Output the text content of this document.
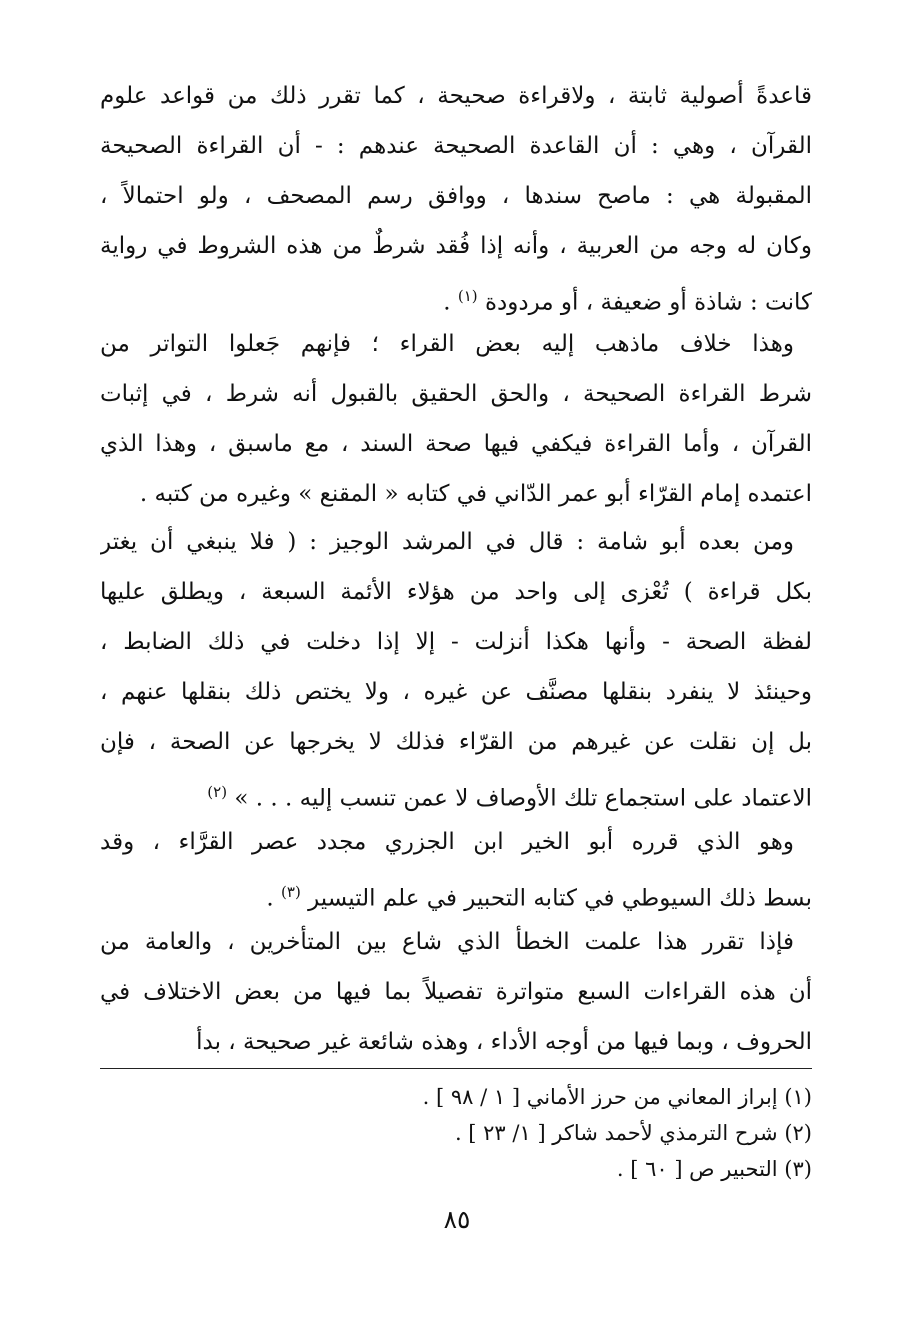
قاعدةً أصولية ثابتة ، ولاقراءة صحيحة ، كما تقرر ذلك من قواعد علوم
القرآن ، وهي : أن القاعدة الصحيحة عندهم : - أن القراءة الصحيحة
المقبولة هي : ماصح سندها ، ووافق رسم المصحف ، ولو احتمالاً ،
وكان له وجه من العربية ، وأنه إذا فُقد شرطٌ من هذه الشروط في رواية
كانت : شاذة أو ضعيفة ، أو مردودة $^{(١)}$ .
وهذا خلاف ماذهب إليه بعض القراء ؛ فإنهم جَعلوا التواتر من
شرط القراءة الصحيحة ، والحق الحقيق بالقبول أنه شرط ، في إثبات
القرآن ، وأما القراءة فيكفي فيها صحة السند ، مع ماسبق ، وهذا الذي
اعتمده إمام القرّاء أبو عمر الدّاني في كتابه « المقنع » وغيره من كتبه .
ومن بعده أبو شامة : قال في المرشد الوجيز : ( فلا ينبغي أن يغتر
بكل قراءة ) تُعْزى إلى واحد من هؤلاء الأئمة السبعة ، ويطلق عليها
لفظة الصحة - وأنها هكذا أنزلت - إلا إذا دخلت في ذلك الضابط ،
وحينئذ لا ينفرد بنقلها مصنَّف عن غيره ، ولا يختص ذلك بنقلها عنهم ،
بل إن نقلت عن غيرهم من القرّاء فذلك لا يخرجها عن الصحة ، فإن
الاعتماد على استجماع تلك الأوصاف لا عمن تنسب إليه . . . » $^{(٢)}$
وهو الذي قرره أبو الخير ابن الجزري مجدد عصر القرَّاء ، وقد
بسط ذلك السيوطي في كتابه التحبير في علم التيسير $^{(٣)}$ .
فإذا تقرر هذا علمت الخطأ الذي شاع بين المتأخرين ، والعامة من
أن هذه القراءات السبع متواترة تفصيلاً بما فيها من بعض الاختلاف في
الحروف ، وبما فيها من أوجه الأداء ، وهذه شائعة غير صحيحة ، بدأ
(١) إبراز المعاني من حرز الأماني [ ١ / ٩٨ ] .
(٢) شرح الترمذي لأحمد شاكر [ ١/ ٢٣ ] .
(٣) التحبير ص [ ٦٠ ] .
٨٥
